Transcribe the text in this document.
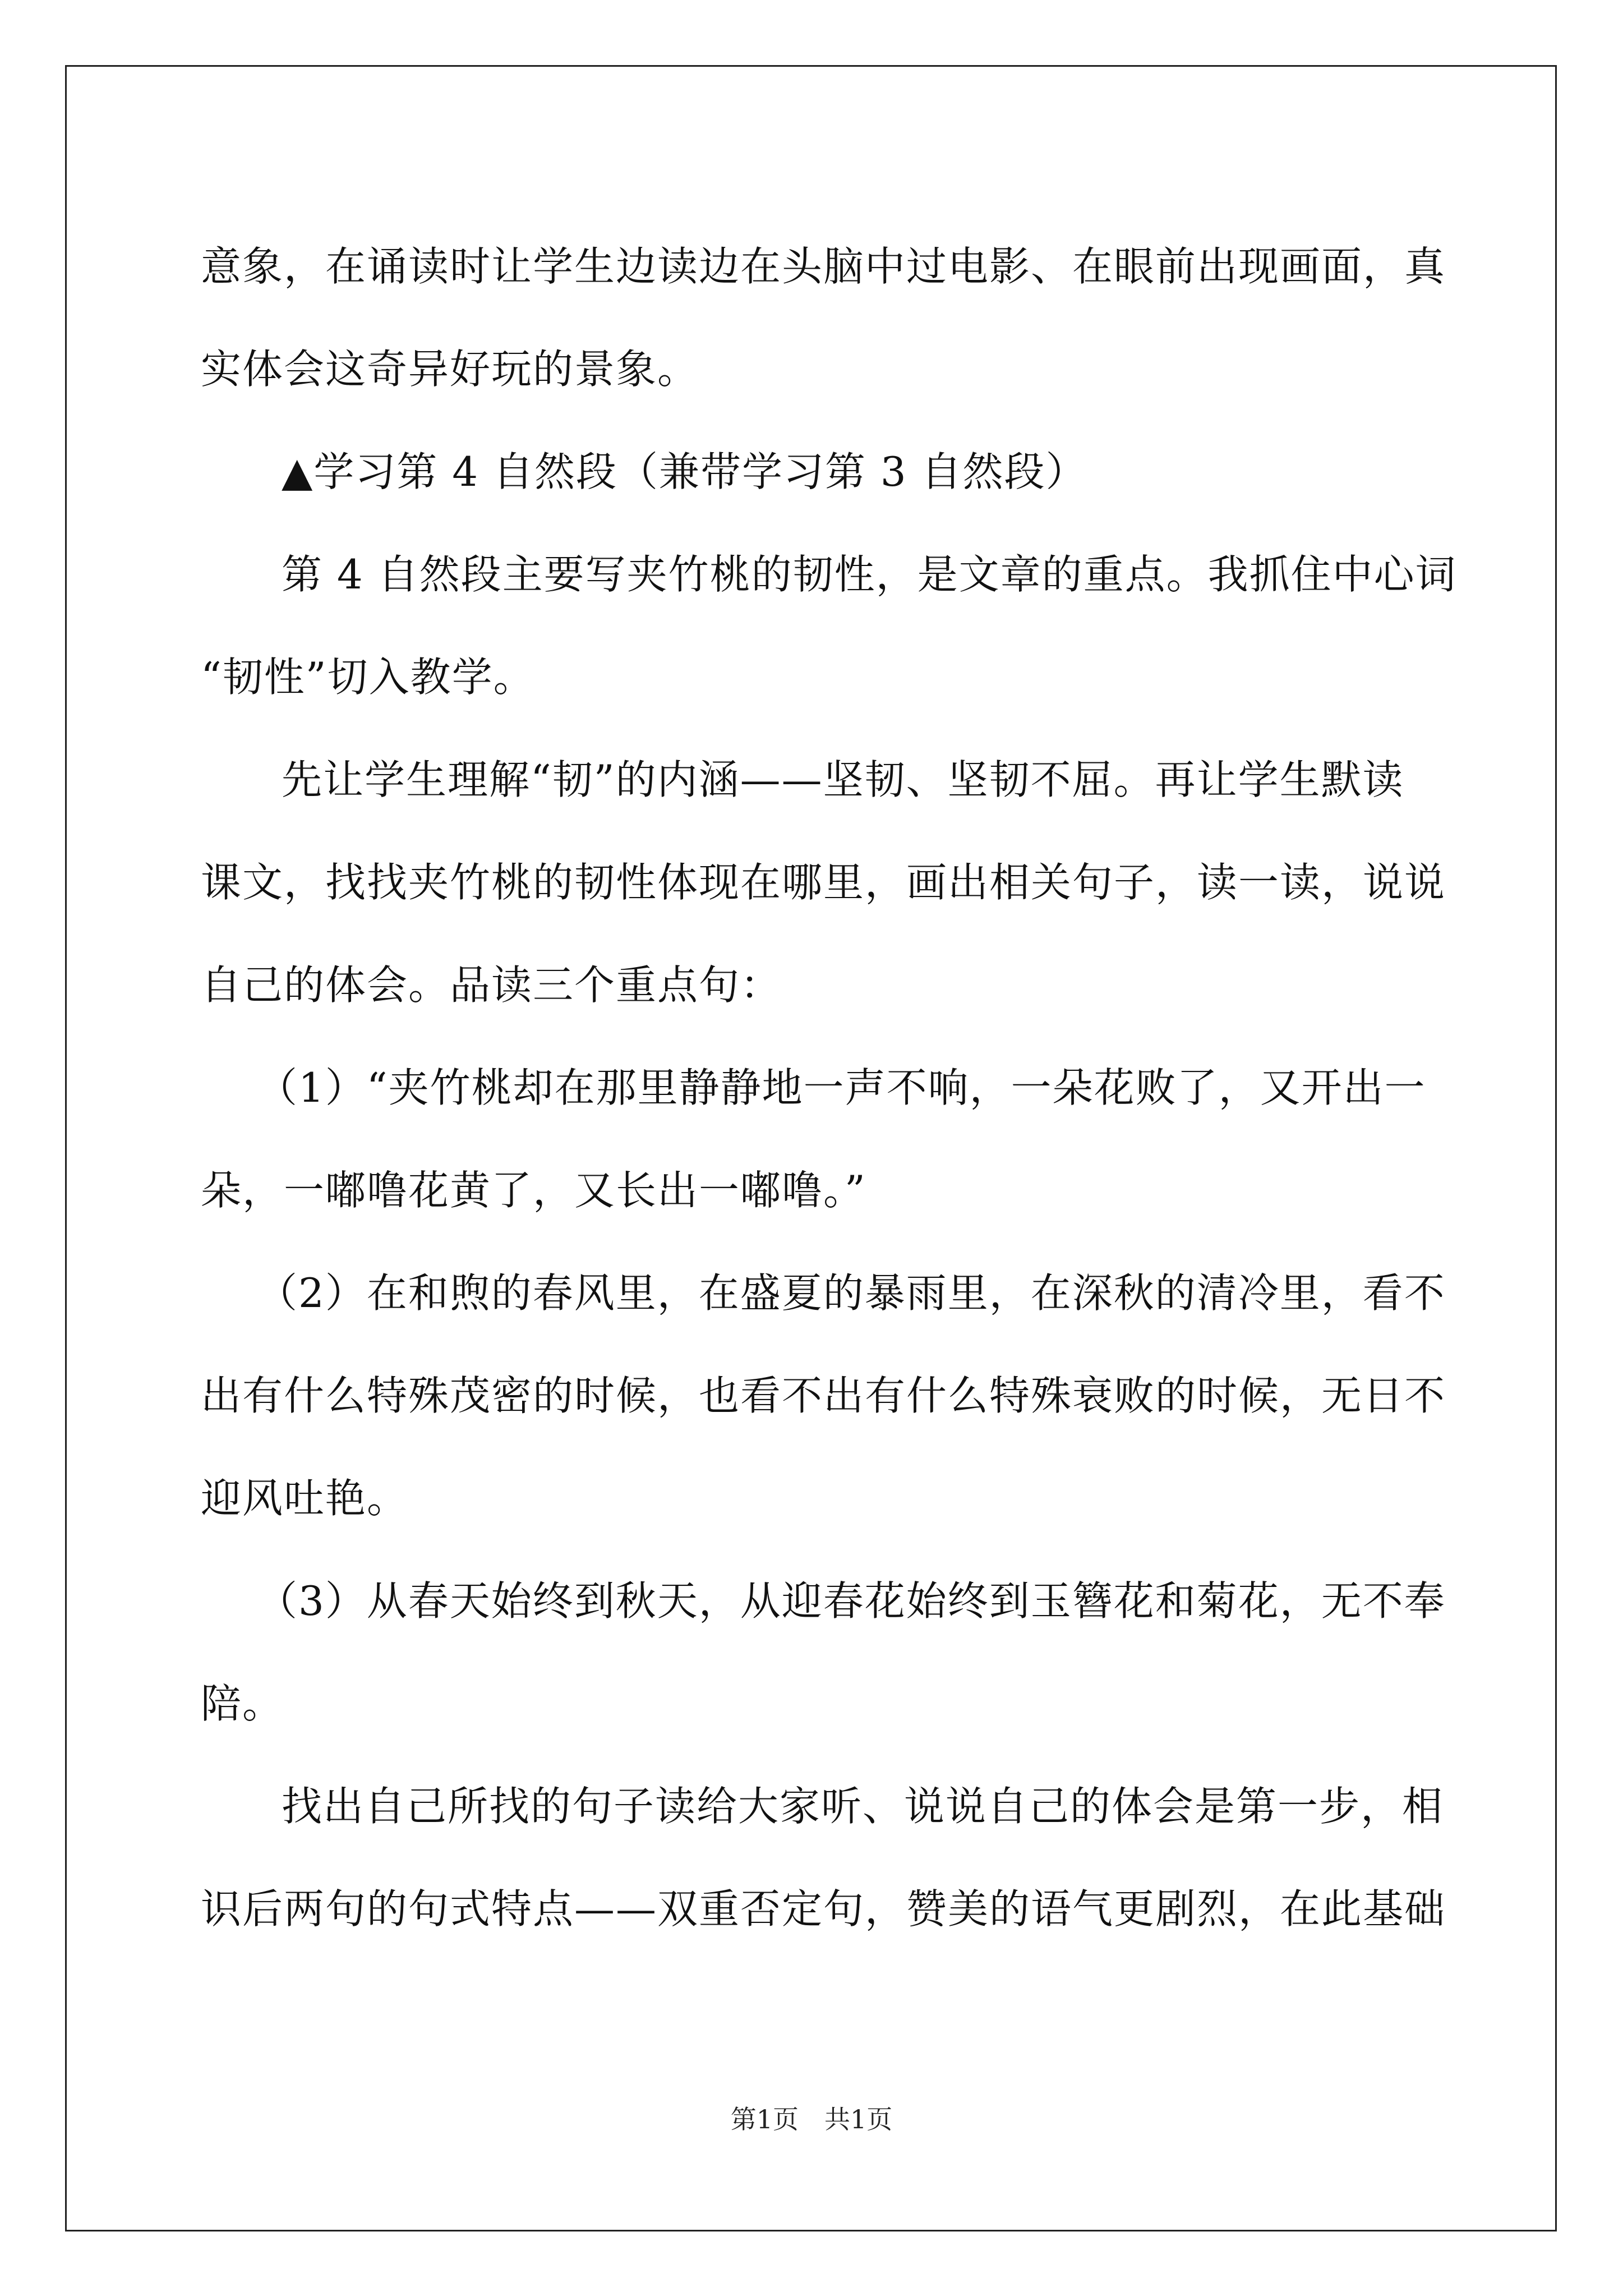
意象，在诵读时让学生边读边在头脑中过电影、在眼前出现画面，真
实体会这奇异好玩的景象。
▲学习第 4 自然段（兼带学习第 3 自然段）
第 4 自然段主要写夹竹桃的韧性，是文章的重点。我抓住中心词
“韧性”切入教学。
先让学生理解“韧”的内涵——坚韧、坚韧不屈。再让学生默读
课文，找找夹竹桃的韧性体现在哪里，画出相关句子，读一读，说说
自己的体会。品读三个重点句：
（1）“夹竹桃却在那里静静地一声不响，一朵花败了，又开出一
朵，一嘟噜花黄了，又长出一嘟噜。”
（2）在和煦的春风里，在盛夏的暴雨里，在深秋的清冷里，看不
出有什么特殊茂密的时候，也看不出有什么特殊衰败的时候，无日不
迎风吐艳。
（3）从春天始终到秋天，从迎春花始终到玉簪花和菊花，无不奉
陪。
找出自己所找的句子读给大家听、说说自己的体会是第一步，相
识后两句的句式特点——双重否定句，赞美的语气更剧烈，在此基础
第1页　共1页
